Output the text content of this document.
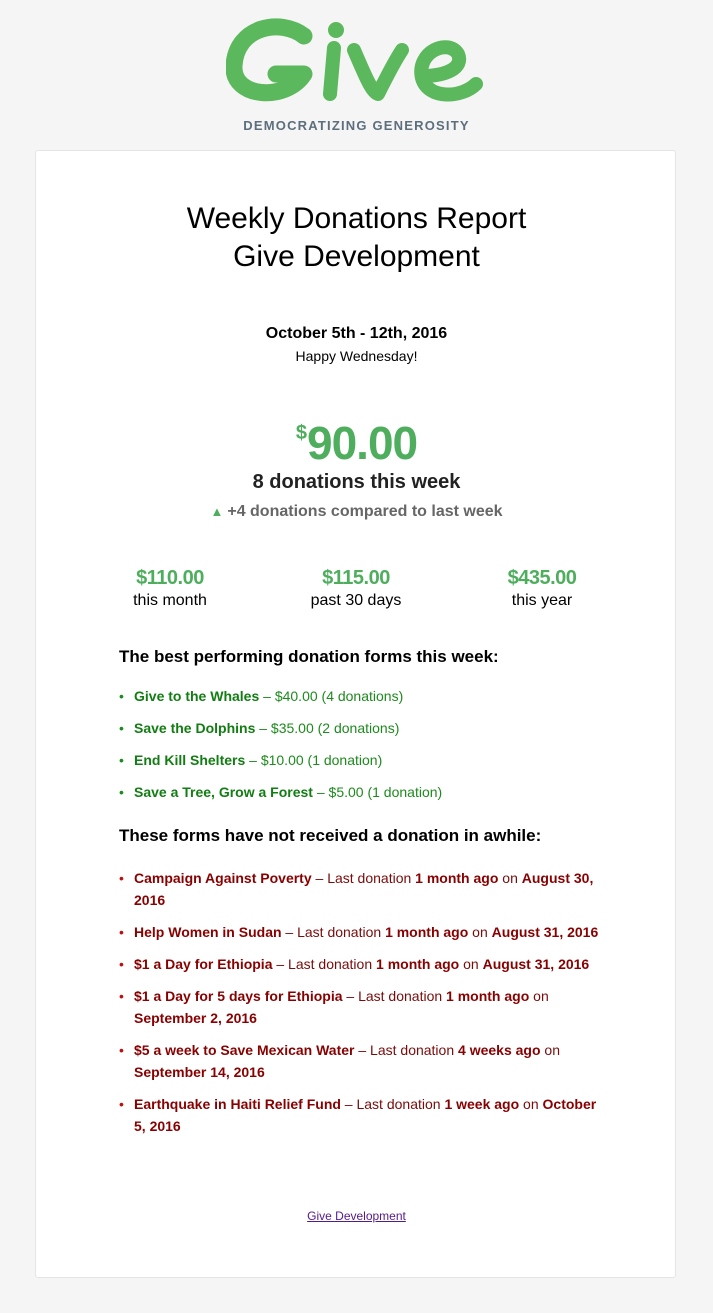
Give
DEMOCRATIZING GENEROSITY
Weekly Donations Report
Give Development
October 5th - 12th, 2016
Happy Wednesday!
$90.00
8 donations this week
▲ +4 donations compared to last week
$110.00
this month
$115.00
past 30 days
$435.00
this year
The best performing donation forms this week:
• Give to the Whales – $40.00 (4 donations)
• Save the Dolphins – $35.00 (2 donations)
• End Kill Shelters – $10.00 (1 donation)
• Save a Tree, Grow a Forest – $5.00 (1 donation)
These forms have not received a donation in awhile:
• Campaign Against Poverty – Last donation 1 month ago on August 30, 2016
• Help Women in Sudan – Last donation 1 month ago on August 31, 2016
• $1 a Day for Ethiopia – Last donation 1 month ago on August 31, 2016
• $1 a Day for 5 days for Ethiopia – Last donation 1 month ago on September 2, 2016
• $5 a week to Save Mexican Water – Last donation 4 weeks ago on September 14, 2016
• Earthquake in Haiti Relief Fund – Last donation 1 week ago on October 5, 2016
Give Development
